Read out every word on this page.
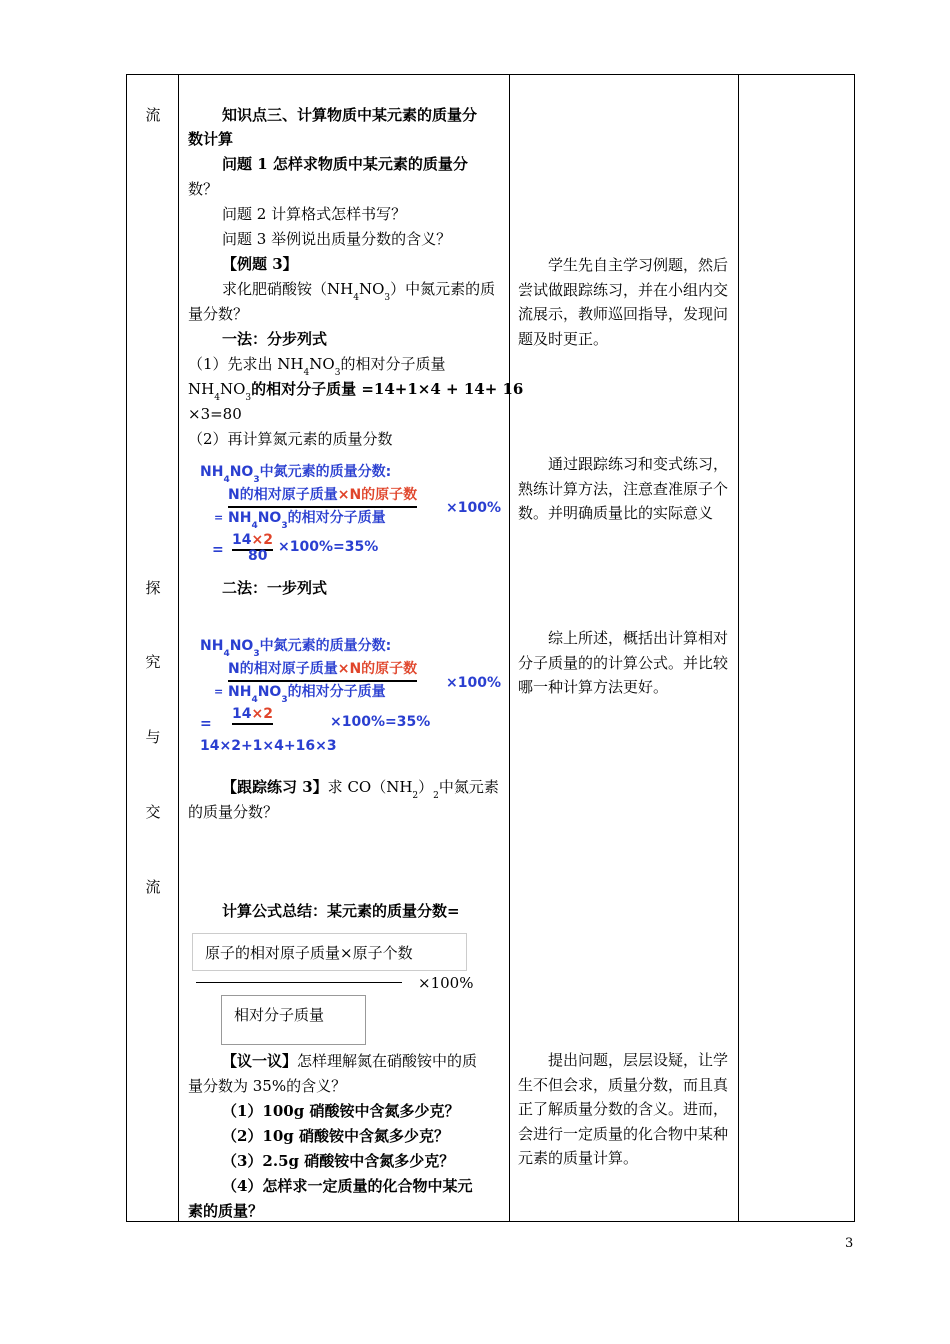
流
探
究
与
交
流
知识点三、计算物质中某元素的质量分
数计算
问题 1 怎样求物质中某元素的质量分
数？
问题 2 计算格式怎样书写？
问题 3 举例说出质量分数的含义？
【例题 3】
求化肥硝酸铵$(NH_4NO_3)$中氮元素的质
量分数？
一法：分步列式
（1）先求出 $NH_4NO_3$的相对分子质量
$NH_4NO_3$的相对分子质量 =14+1×4 + 14+ 16
×3=80
（2）再计算氮元素的质量分数
$NH_4NO_3$中氮元素的质量分数:
N的相对原子质量×N的原子数
= $NH_4NO_3$的相对分子质量
×100%
14×2
= 80
×100%=35%
二法：一步列式
$NH_4NO_3$中氮元素的质量分数:
N的相对原子质量×N的原子数
= $NH_4NO_3$的相对分子质量
×100%
14×2
=	×100%=35%
14×2+1×4+16×3
【跟踪练习 3】求 $CO(NH_2)_2$中氮元素
的质量分数？
计算公式总结：某元素的质量分数=
原子的相对原子质量×原子个数
×100%
相对分子质量
【议一议】怎样理解氮在硝酸铵中的质
量分数为 35%的含义？
（1）100g 硝酸铵中含氮多少克？
（2）10g 硝酸铵中含氮多少克？
（3）2.5g 硝酸铵中含氮多少克？
（4）怎样求一定质量的化合物中某元
素的质量？
学生先自主学习例题，然后尝试做跟踪练习，并在小组内交流展示，教师巡回指导，发现问题及时更正。
通过跟踪练习和变式练习，熟练计算方法，注意查准原子个数。并明确质量比的实际意义
综上所述，概括出计算相对分子质量的的计算公式。并比较哪一种计算方法更好。
提出问题，层层设疑，让学生不但会求，质量分数，而且真正了解质量分数的含义。进而，会进行一定质量的化合物中某种元素的质量计算。
3
